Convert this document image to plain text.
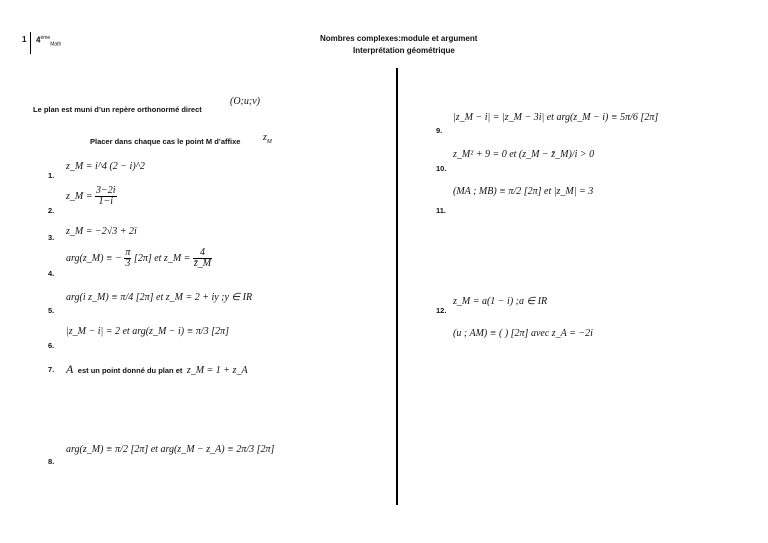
1 $4ème_{Math}$
Nombres complexes:module et argument
Interprétation géométrique
Le plan est muni d’un repère orthonormé direct
(O;u;v)
Placer dans chaque cas le point M d’affixe $z_M$
1.
2.
3.
4.
5.
6.
7.
8.
z_M = i^4 (2 − i)^2
z_M = $\frac{3-2i}{1-i}$
z_M = −2√3 + 2i
arg(z_M) ≡ − $\frac{\pi}{3} [2\pi]$ et z_M = $\frac{4}{z̄\_M}$
arg(i z_M) ≡ π/4 [2π] et z_M = 2 + iy ;y ∈ IR
|z_M − i| = 2 et arg(z_M − i) ≡ π/3 [2π]
A est un point donné du plan et z_M = 1 + z_A
arg(z_M) ≡ π/2 [2π] et arg(z_M − z_A) ≡ 2π/3 [2π]
9.
10.
11.
12.
|z_M − i| = |z_M − 3i| et arg(z_M − i) ≡ 5π/6 [2π]
z_M² + 9 = 0 et (z_M − z̄_M)/i > 0
(MA ; MB) ≡ π/2 [2π] et |z_M| = 3
z_M = a(1 − i) ;a ∈ IR
(u ; AM) ≡ ( ) [2π] avec z_A = −2i
